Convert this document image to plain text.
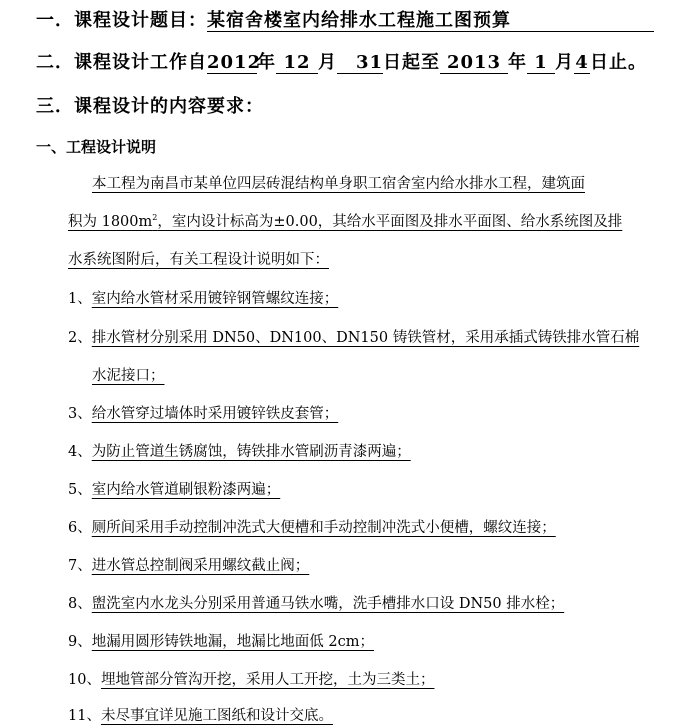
一．课程设计题目：某宿舍楼室内给排水工程施工图预算
二．课程设计工作自2012年 12 月 31日起至 2013 年 1 月4日止。
三．课程设计的内容要求：
一、工程设计说明
本工程为南昌市某单位四层砖混结构单身职工宿舍室内给水排水工程，建筑面
积为 $1800m^2$，室内设计标高为±0.00，其给水平面图及排水平面图、给水系统图及排
水系统图附后，有关工程设计说明如下：
1、室内给水管材采用镀锌钢管螺纹连接；
2、排水管材分别采用 DN50、DN100、DN150 铸铁管材，采用承插式铸铁排水管石棉
水泥接口；
3、给水管穿过墙体时采用镀锌铁皮套管；
4、为防止管道生锈腐蚀，铸铁排水管刷沥青漆两遍；
5、室内给水管道刷银粉漆两遍；
6、厕所间采用手动控制冲洗式大便槽和手动控制冲洗式小便槽，螺纹连接；
7、进水管总控制阀采用螺纹截止阀；
8、盥洗室内水龙头分别采用普通马铁水嘴，洗手槽排水口设 DN50 排水栓；
9、地漏用圆形铸铁地漏，地漏比地面低 2cm；
10、埋地管部分管沟开挖，采用人工开挖，土为三类土；
11、未尽事宜详见施工图纸和设计交底。
